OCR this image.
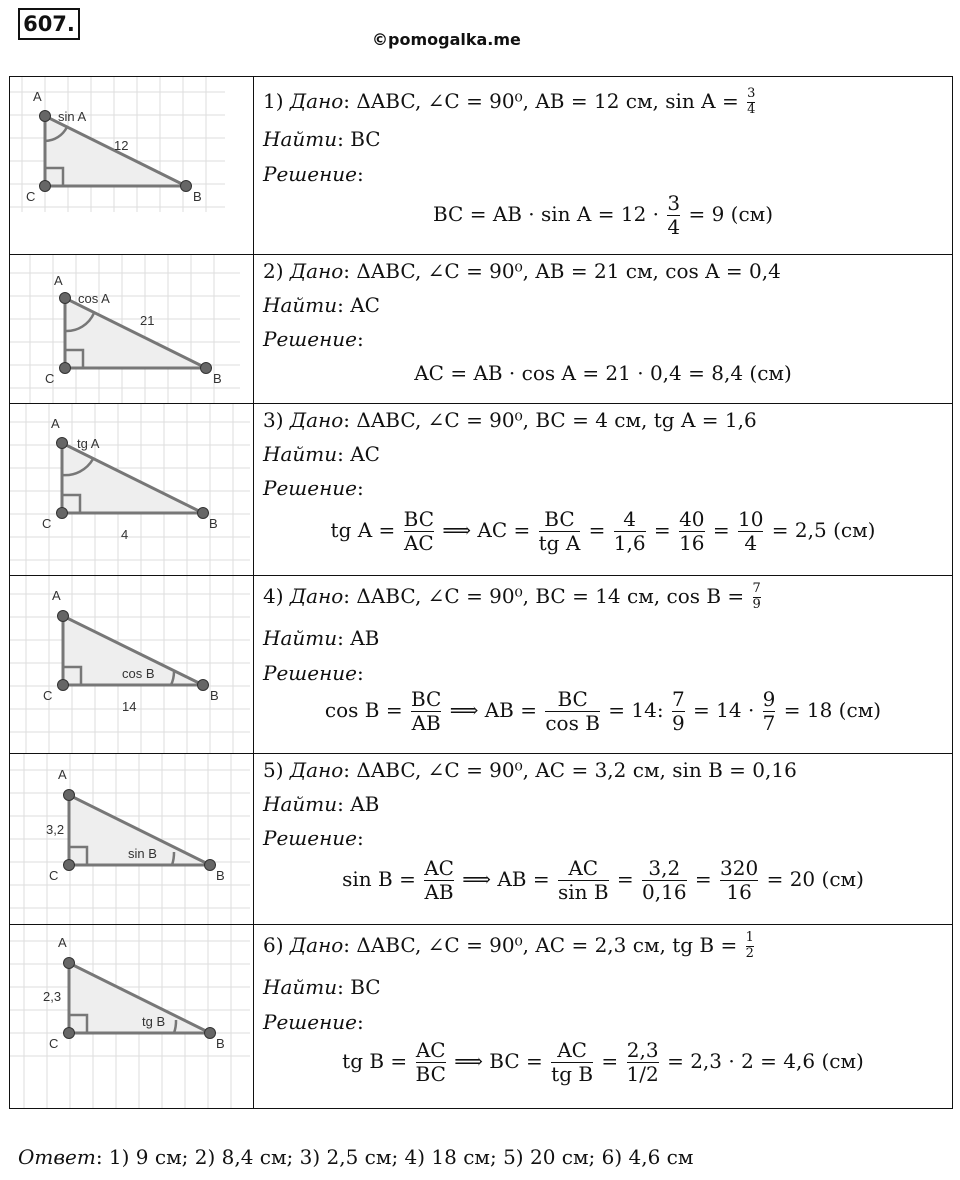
607.
©pomogalka.me
A
C	B
sin A
12
1) Дано: ΔABC, ∠C = 90⁰, AB = 12 см, $\sin A = \frac{3}{4}$
Найти: BC
Решение:
BC = AB · $\sin A = 12 \cdot \frac{3}{4} = 9$ (см)
A
C	B
cos A
21
2) Дано: ΔABC, ∠C = 90⁰, AB = 21 см, cos A = 0,4
Найти: AC
Решение:
AC = AB · cos A = 21 · 0,4 = 8,4 (см)
A
C	B
tg A
4
3) Дано: ΔABC, ∠C = 90⁰, BC = 4 см, tg A = 1,6
Найти: AC
Решение:
tg $A = \frac{BC}{AC}$ ⟹ AC = $\frac{BC}{\text{tg A}} = \frac{4}{1,6} = \frac{40}{16} = \frac{10}{4} = 2,5$ (см)
A
C	B
cos B
14
4) Дано: ΔABC, ∠C = 90⁰, BC = 14 см, $\cos B = \frac{7}{9}$
Найти: AB
Решение:
$\cos B = \frac{BC}{AB}$ ⟹ AB = $\frac{BC}{\text{cos B}} = 14$: $\frac{7}{9} = 14 \cdot \frac{9}{7} = 18$ (см)
A
C	B
sin B
3,2
5) Дано: ΔABC, ∠C = 90⁰, AC = 3,2 см, sin B = 0,16
Найти: AB
Решение:
$\sin B = \frac{AC}{AB}$ ⟹ AB = $\frac{AC}{\text{sin B}} = \frac{3,2}{0,16} = \frac{320}{16} = 20$ (см)
A
C	B
tg B
2,3
6) Дано: ΔABC, ∠C = 90⁰, AC = 2,3 см, tg $B = \frac{1}{2}$
Найти: BC
Решение:
tg $B = \frac{AC}{BC}$ ⟹ BC = $\frac{AC}{\text{tg B}} = \frac{2,3}{1/2} = 2,3 \cdot 2 = 4,6$ (см)
Ответ: 1) 9 см; 2) 8,4 см; 3) 2,5 см; 4) 18 см; 5) 20 см; 6) 4,6 см
